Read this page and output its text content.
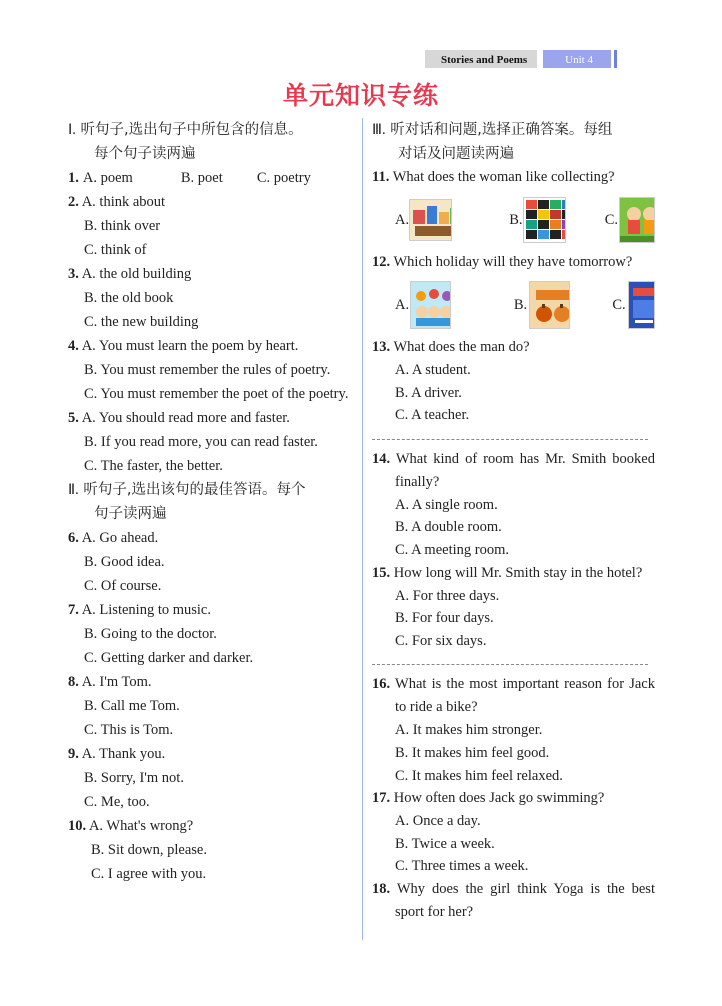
Stories and Poems	Unit 4
单元知识专练
Ⅰ. 听句子,选出句子中所包含的信息。
每个句子读两遍
1. A. poem	B. poet	C. poetry
2. A. think about
B. think over
C. think of
3. A. the old building
B. the old book
C. the new building
4. A. You must learn the poem by heart.
B. You must remember the rules of poetry.
C. You must remember the poet of the poetry.
5. A. You should read more and faster.
B. If you read more, you can read faster.
C. The faster, the better.
Ⅱ. 听句子,选出该句的最佳答语。每个
句子读两遍
6. A. Go ahead.
B. Good idea.
C. Of course.
7. A. Listening to music.
B. Going to the doctor.
C. Getting darker and darker.
8. A. I'm Tom.
B. Call me Tom.
C. This is Tom.
9. A. Thank you.
B. Sorry, I'm not.
C. Me, too.
10. A. What's wrong?
B. Sit down, please.
C. I agree with you.
Ⅲ. 听对话和问题,选择正确答案。每组
对话及问题读两遍
11. What does the woman like collecting?
A.	B.	C.
12. Which holiday will they have tomorrow?
A.	B.	C.
13. What does the man do?
A. A student.
B. A driver.
C. A teacher.
14. What kind of room has Mr. Smith booked finally?
A. A single room.
B. A double room.
C. A meeting room.
15. How long will Mr. Smith stay in the hotel?
A. For three days.
B. For four days.
C. For six days.
16. What is the most important reason for Jack to ride a bike?
A. It makes him stronger.
B. It makes him feel good.
C. It makes him feel relaxed.
17. How often does Jack go swimming?
A. Once a day.
B. Twice a week.
C. Three times a week.
18. Why does the girl think Yoga is the best sport for her?
